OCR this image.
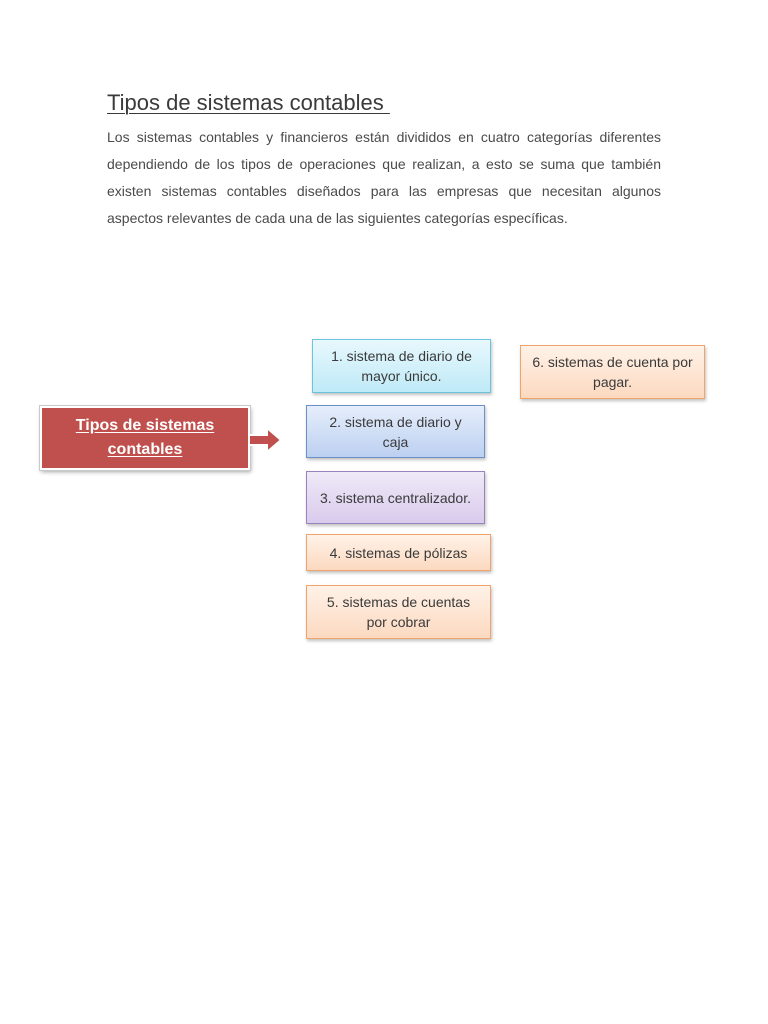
Tipos de sistemas contables

Los sistemas contables y financieros están divididos en cuatro categorías diferentes dependiendo de los tipos de operaciones que realizan, a esto se suma que también existen sistemas contables diseñados para las empresas que necesitan algunos aspectos relevantes de cada una de las siguientes categorías específicas.

Tipos de sistemas contables
1. sistema de diario de mayor único.
2. sistema de diario y caja
3. sistema centralizador.
4. sistemas de pólizas
5. sistemas de cuentas por cobrar
6. sistemas de cuenta por pagar.
